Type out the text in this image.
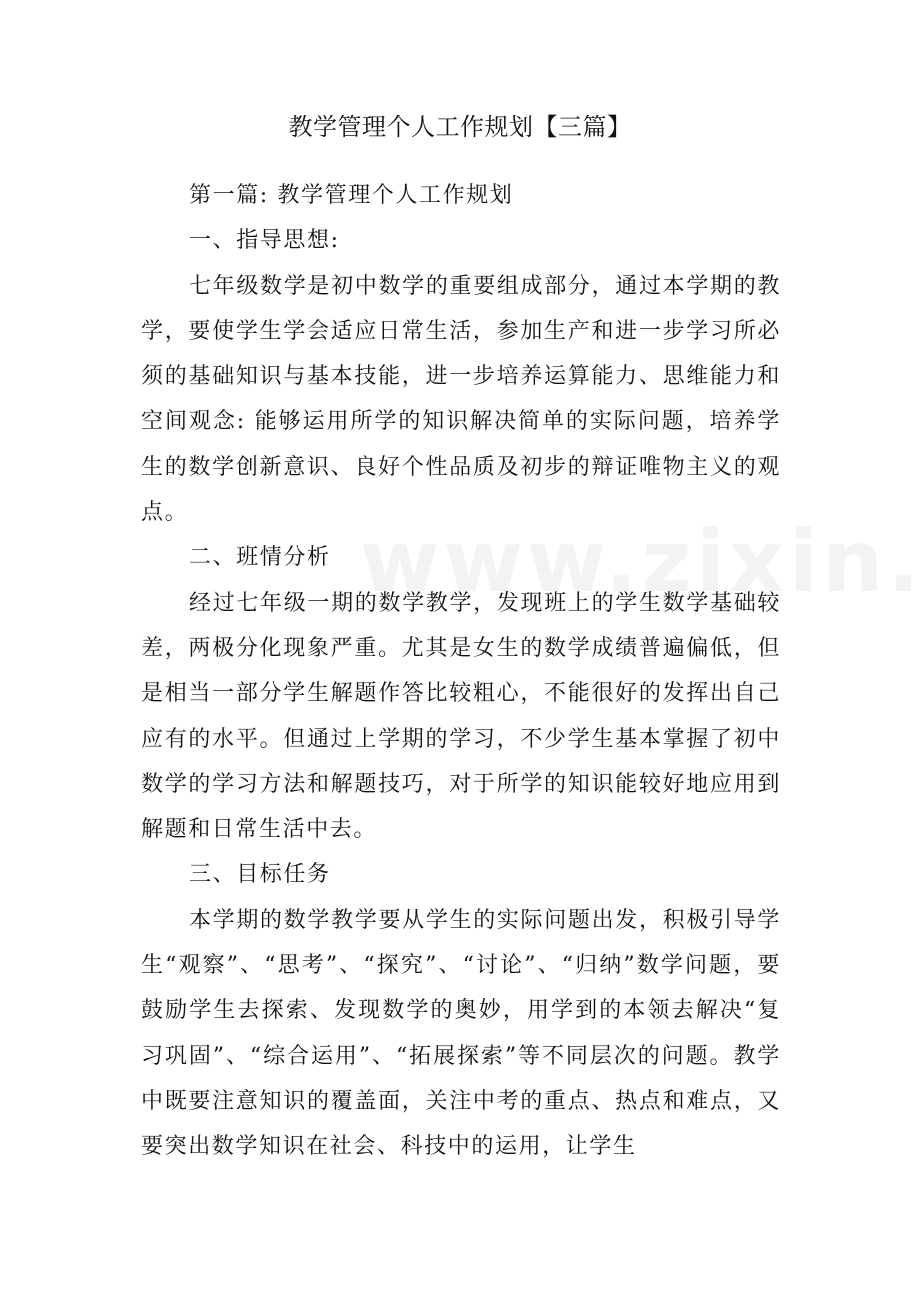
教学管理个人工作规划【三篇】

第一篇: 教学管理个人工作规划

一、指导思想:

七年级数学是初中数学的重要组成部分，通过本学期的教学，要使学生学会适应日常生活，参加生产和进一步学习所必须的基础知识与基本技能，进一步培养运算能力、思维能力和空间观念: 能够运用所学的知识解决简单的实际问题，培养学生的数学创新意识、良好个性品质及初步的辩证唯物主义的观点。

二、班情分析

经过七年级一期的数学教学，发现班上的学生数学基础较差，两极分化现象严重。尤其是女生的数学成绩普遍偏低，但是相当一部分学生解题作答比较粗心，不能很好的发挥出自己应有的水平。但通过上学期的学习，不少学生基本掌握了初中数学的学习方法和解题技巧，对于所学的知识能较好地应用到解题和日常生活中去。

三、目标任务

本学期的数学教学要从学生的实际问题出发，积极引导学生“观察”、“思考”、“探究”、“讨论”、“归纳”数学问题，要鼓励学生去探索、发现数学的奥妙，用学到的本领去解决“复习巩固”、“综合运用”、“拓展探索”等不同层次的问题。教学中既要注意知识的覆盖面，关注中考的重点、热点和难点，又要突出数学知识在社会、科技中的运用，让学生
